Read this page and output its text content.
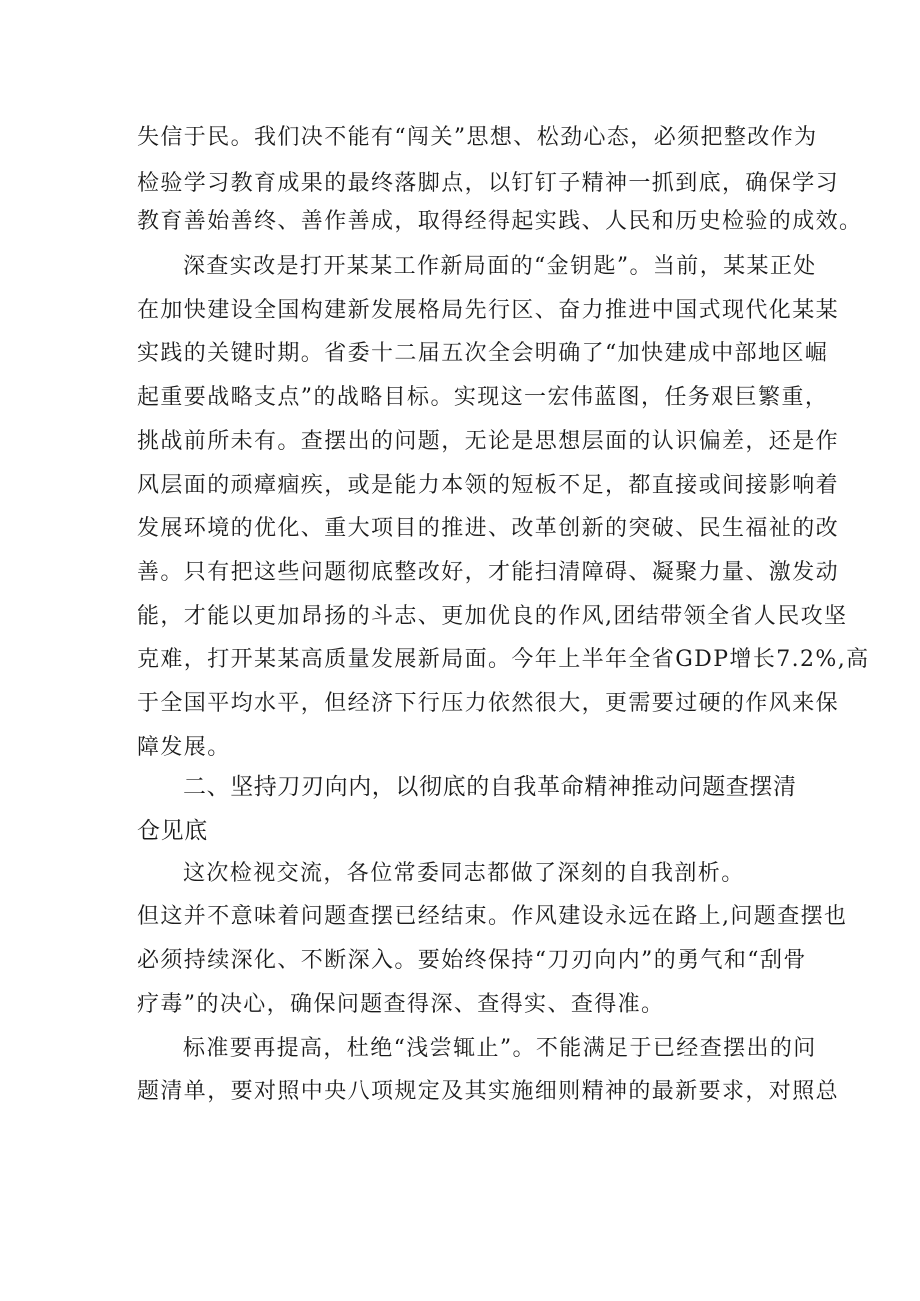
失信于民。我们决不能有“闯关”思想、松劲心态，必须把整改作为
检验学习教育成果的最终落脚点，以钉钉子精神一抓到底，确保学习
教育善始善终、善作善成，取得经得起实践、人民和历史检验的成效。
深查实改是打开某某工作新局面的“金钥匙”。当前，某某正处
在加快建设全国构建新发展格局先行区、奋力推进中国式现代化某某
实践的关键时期。省委十二届五次全会明确了“加快建成中部地区崛
起重要战略支点”的战略目标。实现这一宏伟蓝图，任务艰巨繁重，
挑战前所未有。查摆出的问题，无论是思想层面的认识偏差，还是作
风层面的顽瘴痼疾，或是能力本领的短板不足，都直接或间接影响着
发展环境的优化、重大项目的推进、改革创新的突破、民生福祉的改
善。只有把这些问题彻底整改好，才能扫清障碍、凝聚力量、激发动
能，才能以更加昂扬的斗志、更加优良的作风,团结带领全省人民攻坚
克难，打开某某高质量发展新局面。今年上半年全省GDP增长7.2%,高
于全国平均水平，但经济下行压力依然很大，更需要过硬的作风来保
障发展。
二、坚持刀刃向内，以彻底的自我革命精神推动问题查摆清
仓见底
这次检视交流，各位常委同志都做了深刻的自我剖析。
但这并不意味着问题查摆已经结束。作风建设永远在路上,问题查摆也
必须持续深化、不断深入。要始终保持“刀刃向内”的勇气和“刮骨
疗毒”的决心，确保问题查得深、查得实、查得准。
标准要再提高，杜绝“浅尝辄止”。不能满足于已经查摆出的问
题清单，要对照中央八项规定及其实施细则精神的最新要求，对照总
